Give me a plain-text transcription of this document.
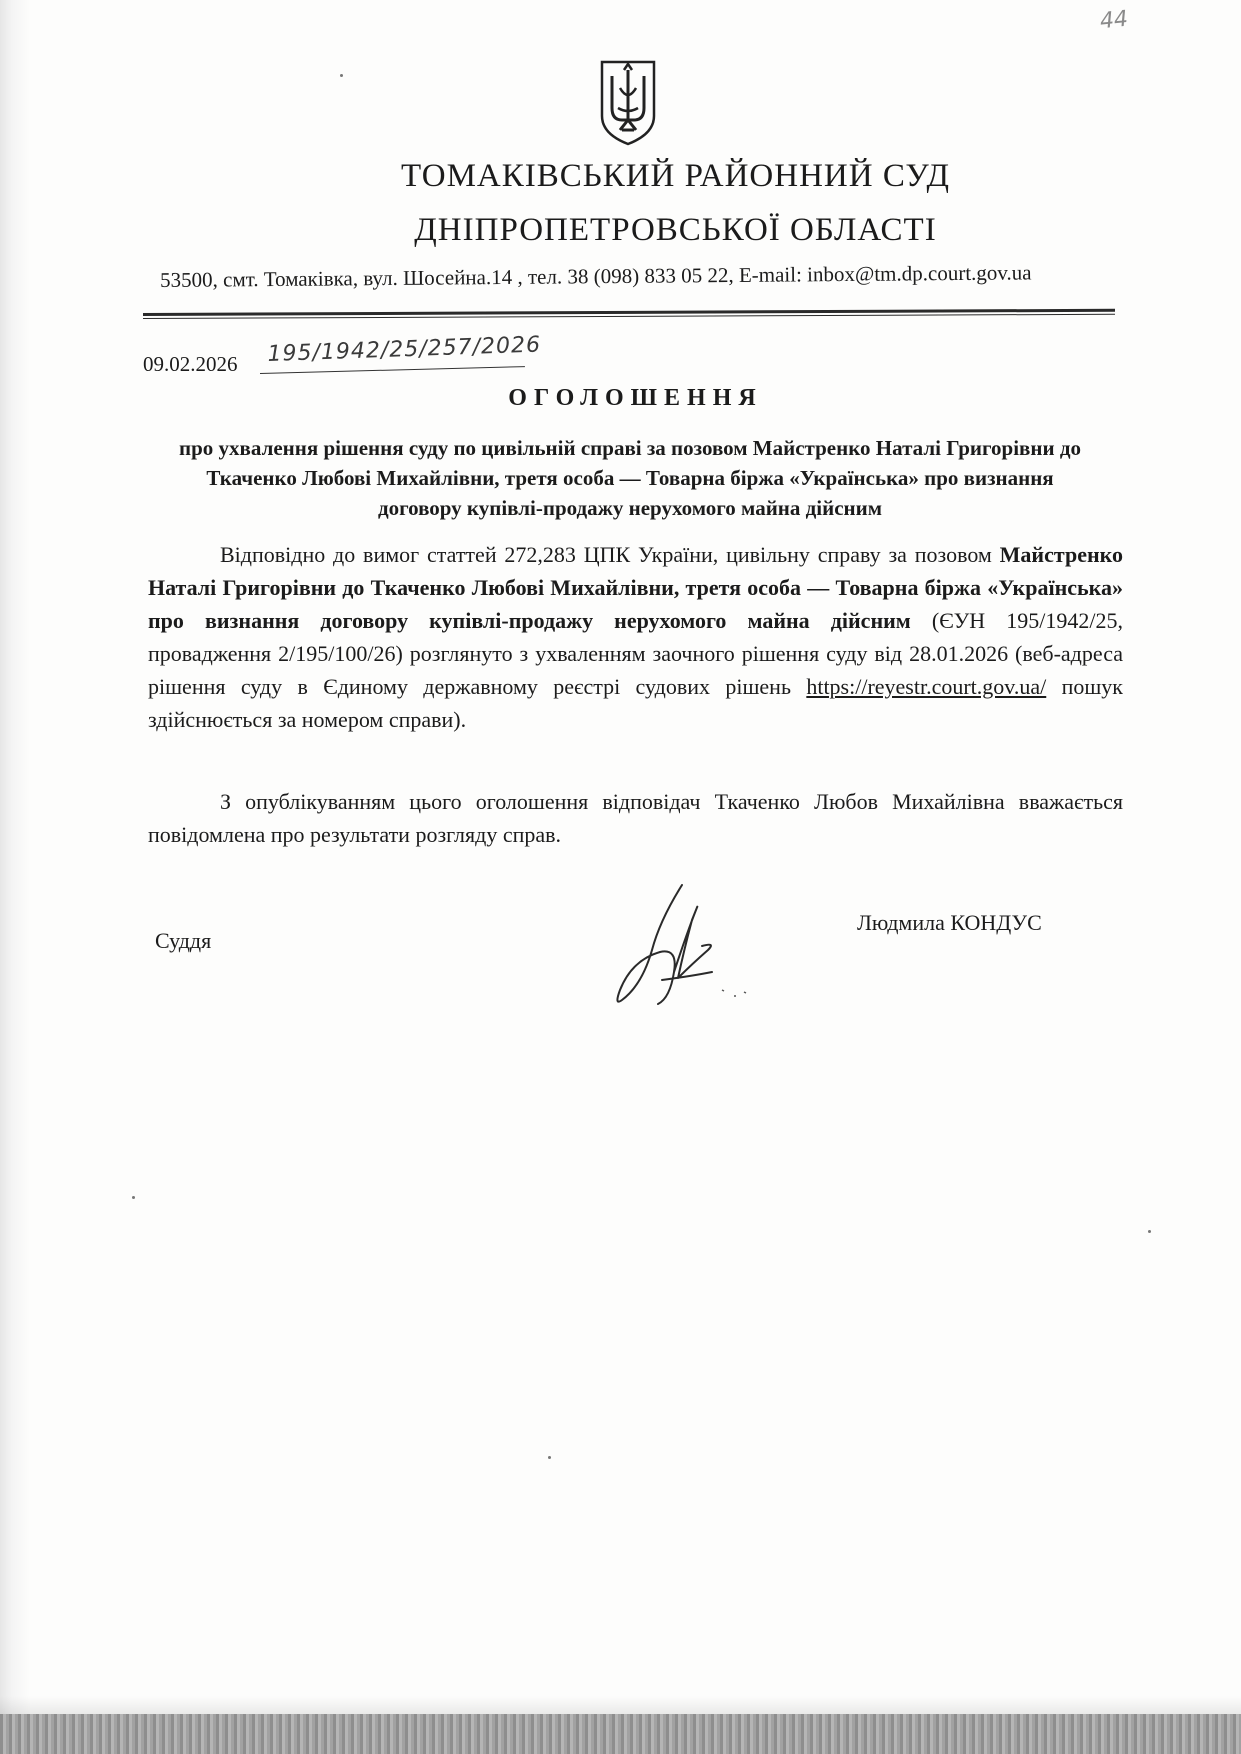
44
ТОМАКІВСЬКИЙ РАЙОННИЙ СУД
ДНІПРОПЕТРОВСЬКОЇ ОБЛАСТІ
53500, смт. Томаківка, вул. Шосейна.14 , тел. 38 (098) 833 05 22, E-mail: inbox@tm.dp.court.gov.ua
09.02.2026 195/1942/25/257/2026
ОГОЛОШЕННЯ
про ухвалення рішення суду по цивільній справі за позовом Майстренко Наталі Григорівни до Ткаченко Любові Михайлівни, третя особа — Товарна біржа «Українська» про визнання договору купівлі-продажу нерухомого майна дійсним
Відповідно до вимог статтей 272,283 ЦПК України, цивільну справу за позовом Майстренко Наталі Григорівни до Ткаченко Любові Михайлівни, третя особа — Товарна біржа «Українська» про визнання договору купівлі-продажу нерухомого майна дійсним (ЄУН 195/1942/25, провадження 2/195/100/26) розглянуто з ухваленням заочного рішення суду від 28.01.2026 (веб-адреса рішення суду в Єдиному державному реєстрі судових рішень https://reyestr.court.gov.ua/ пошук здійснюється за номером справи).
З опублікуванням цього оголошення відповідач Ткаченко Любов Михайлівна вважається повідомлена про результати розгляду справ.
Суддя
Людмила КОНДУС
